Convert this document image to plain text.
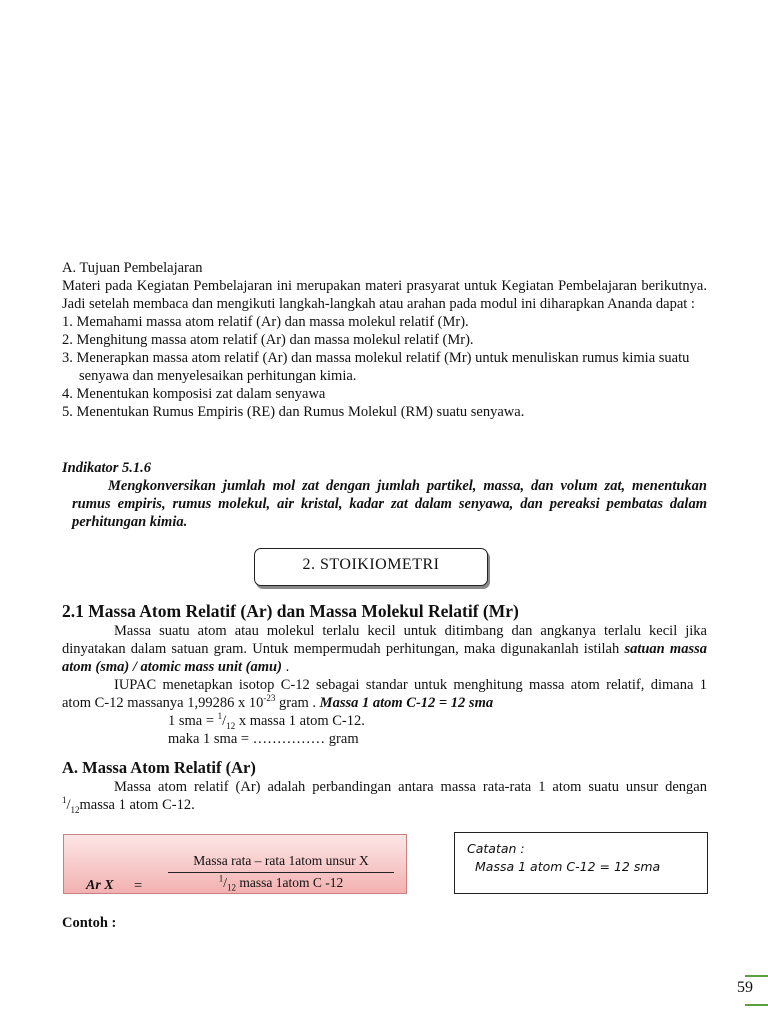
A. Tujuan Pembelajaran

Materi pada Kegiatan Pembelajaran ini merupakan materi prasyarat untuk Kegiatan Pembelajaran berikutnya. Jadi setelah membaca dan mengikuti langkah-langkah atau arahan pada modul ini diharapkan Ananda dapat :

1. Memahami massa atom relatif (Ar) dan massa molekul relatif (Mr).
2. Menghitung massa atom relatif (Ar) dan massa molekul relatif (Mr).
3. Menerapkan massa atom relatif (Ar) dan massa molekul relatif (Mr) untuk menuliskan rumus kimia suatu senyawa dan menyelesaikan perhitungan kimia.
4. Menentukan komposisi zat dalam senyawa
5. Menentukan Rumus Empiris (RE) dan Rumus Molekul (RM) suatu senyawa.

Indikator 5.1.6

Mengkonversikan jumlah mol zat dengan jumlah partikel, massa, dan volum zat, menentukan rumus empiris, rumus molekul, air kristal, kadar zat dalam senyawa, dan pereaksi pembatas dalam perhitungan kimia.

2. STOIKIOMETRI

2.1 Massa Atom Relatif (Ar) dan Massa Molekul Relatif (Mr)

Massa suatu atom atau molekul terlalu kecil untuk ditimbang dan angkanya terlalu kecil jika dinyatakan dalam satuan gram. Untuk mempermudah perhitungan, maka digunakanlah istilah satuan massa atom (sma) / atomic mass unit (amu) .

IUPAC menetapkan isotop C-12 sebagai standar untuk menghitung massa atom relatif, dimana 1 atom C-12 massanya 1,99286 x $10^{-23}$ gram . Massa 1 atom C-12 = 12 sma

1 sma = $^1/_{12}$ x massa 1 atom C-12.

maka 1 sma = …………… gram

A. Massa Atom Relatif (Ar)

Massa atom relatif (Ar) adalah perbandingan antara massa rata-rata 1 atom suatu unsur dengan $^1/_{12}massa$ 1 atom C-12.

Ar X =
Massa rata – rata 1atom unsur X
$^1/_{12}$ massa 1atom C -12
Catatan :
Massa 1 atom C-12 = 12 sma

Contoh :

59
